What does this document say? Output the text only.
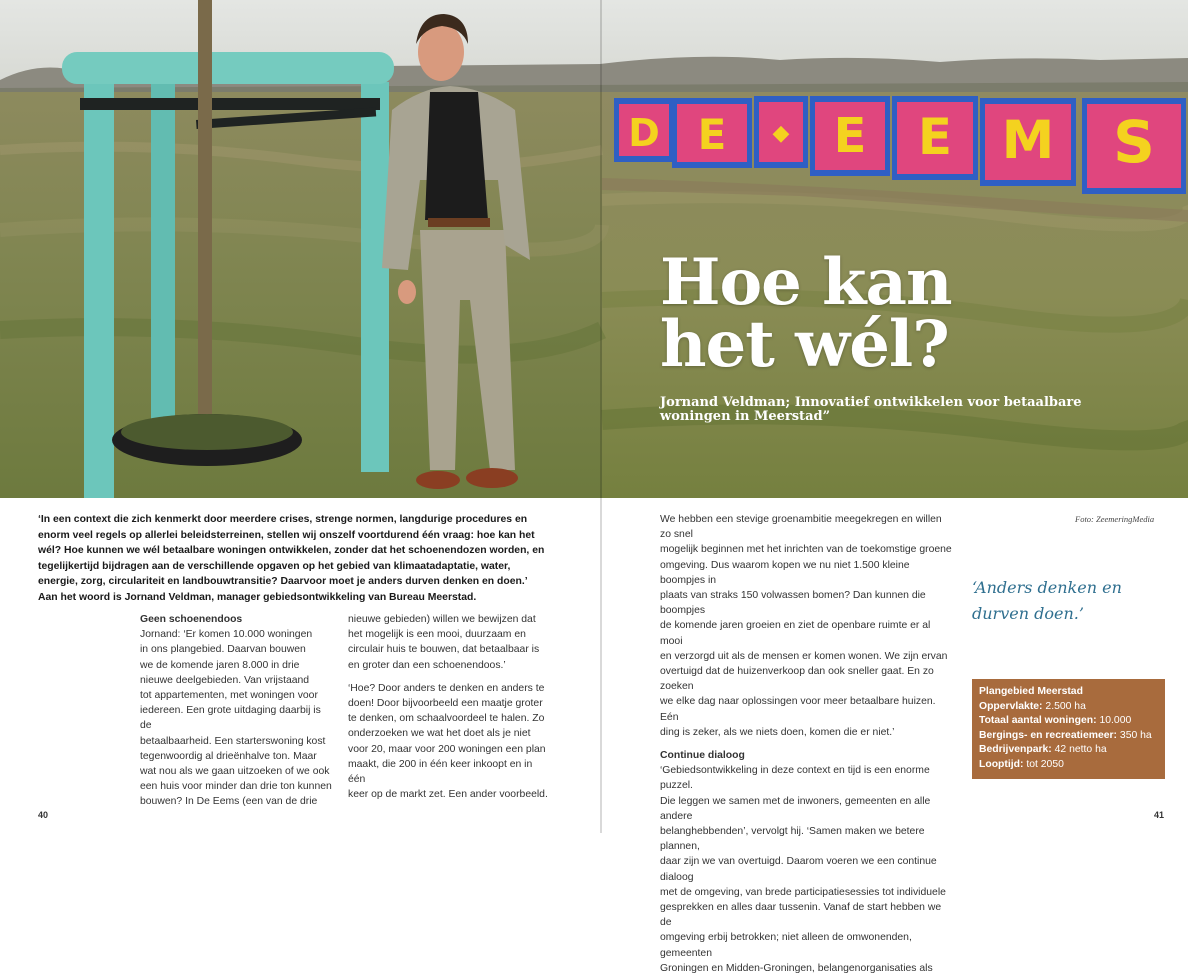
D E ◆ E E M S
Hoe kan
het wél?
Jornand Veldman; Innovatief ontwikkelen voor betaalbare woningen in Meerstad”
‘In een context die zich kenmerkt door meerdere crises, strenge normen, langdurige procedures en
enorm veel regels op allerlei beleidsterreinen, stellen wij onszelf voortdurend één vraag: hoe kan het
wél? Hoe kunnen we wél betaalbare woningen ontwikkelen, zonder dat het schoenendozen worden, en
tegelijkertijd bijdragen aan de verschillende opgaven op het gebied van klimaatadaptatie, water,
energie, zorg, circulariteit en landbouwtransitie? Daarvoor moet je anders durven denken en doen.’
Aan het woord is Jornand Veldman, manager gebiedsontwikkeling van Bureau Meerstad.
Geen schoenendoos
Jornand: ‘Er komen 10.000 woningen
in ons plangebied. Daarvan bouwen
we de komende jaren 8.000 in drie
nieuwe deelgebieden. Van vrijstaand
tot appartementen, met woningen voor
iedereen. Een grote uitdaging daarbij is de
betaalbaarheid. Een starterswoning kost
tegenwoordig al drieënhalve ton. Maar
wat nou als we gaan uitzoeken of we ook
een huis voor minder dan drie ton kunnen
bouwen? In De Eems (een van de drie

nieuwe gebieden) willen we bewijzen dat
het mogelijk is een mooi, duurzaam en
circulair huis te bouwen, dat betaalbaar is
en groter dan een schoenendoos.’

‘Hoe? Door anders te denken en anders te
doen! Door bijvoorbeeld een maatje groter
te denken, om schaalvoordeel te halen. Zo
onderzoeken we wat het doet als je niet
voor 20, maar voor 200 woningen een plan
maakt, die 200 in één keer inkoopt en in één
keer op de markt zet. Een ander voorbeeld.

We hebben een stevige groenambitie meegekregen en willen zo snel
mogelijk beginnen met het inrichten van de toekomstige groene
omgeving. Dus waarom kopen we nu niet 1.500 kleine boompjes in
plaats van straks 150 volwassen bomen? Dan kunnen die boompjes
de komende jaren groeien en ziet de openbare ruimte er al mooi
en verzorgd uit als de mensen er komen wonen. We zijn ervan
overtuigd dat de huizenverkoop dan ook sneller gaat. En zo zoeken
we elke dag naar oplossingen voor meer betaalbare huizen. Eén
ding is zeker, als we niets doen, komen die er niet.’

Continue dialoog
‘Gebiedsontwikkeling in deze context en tijd is een enorme puzzel.
Die leggen we samen met de inwoners, gemeenten en alle andere
belanghebbenden’, vervolgt hij. ‘Samen maken we betere plannen,
daar zijn we van overtuigd. Daarom voeren we een continue dialoog
met de omgeving, van brede participatiesessies tot individuele
gesprekken en alles daar tussenin. Vanaf de start hebben we de
omgeving erbij betrokken; niet alleen de omwonenden, gemeenten
Groningen en Midden-Groningen, belangenorganisaties als
Foto: ZeemeringMedia
‘Anders denken en
durven doen.’
Plangebied Meerstad
Oppervlakte: 2.500 ha
Totaal aantal woningen: 10.000
Bergings- en recreatiemeer: 350 ha
Bedrijvenpark: 42 netto ha
Looptijd: tot 2050
40	41
